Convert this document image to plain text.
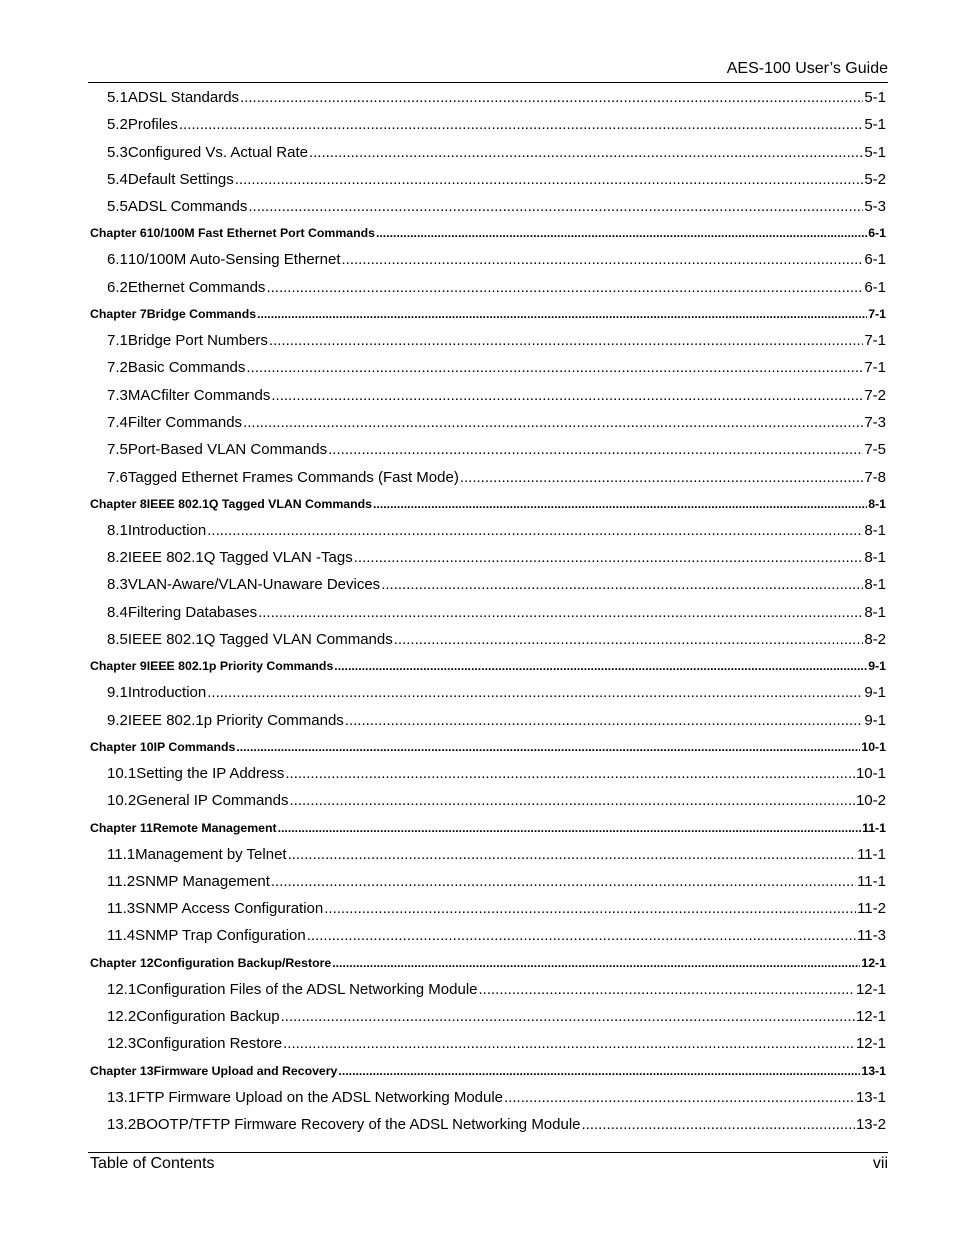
AES-100 User’s Guide
5.1 ADSL Standards .....	5-1
5.2 Profiles .....	5-1
5.3 Configured Vs. Actual Rate .....	5-1
5.4 Default Settings .....	5-2
5.5 ADSL Commands .....	5-3
Chapter 6 10/100M Fast Ethernet Port Commands .....	6-1
6.1 10/100M Auto-Sensing Ethernet .....	6-1
6.2 Ethernet Commands .....	6-1
Chapter 7 Bridge Commands .....	7-1
7.1 Bridge Port Numbers .....	7-1
7.2 Basic Commands .....	7-1
7.3 MACfilter Commands .....	7-2
7.4 Filter Commands .....	7-3
7.5 Port-Based VLAN Commands .....	7-5
7.6 Tagged Ethernet Frames Commands (Fast Mode) .....	7-8
Chapter 8 IEEE 802.1Q Tagged VLAN Commands .....	8-1
8.1 Introduction .....	8-1
8.2 IEEE 802.1Q Tagged VLAN -Tags .....	8-1
8.3 VLAN-Aware/VLAN-Unaware Devices .....	8-1
8.4 Filtering Databases .....	8-1
8.5 IEEE 802.1Q Tagged VLAN Commands .....	8-2
Chapter 9 IEEE 802.1p Priority Commands .....	9-1
9.1 Introduction .....	9-1
9.2 IEEE 802.1p Priority Commands .....	9-1
Chapter 10 IP Commands .....	10-1
10.1 Setting the IP Address .....	10-1
10.2 General IP Commands .....	10-2
Chapter 11 Remote Management .....	11-1
11.1 Management by Telnet .....	11-1
11.2 SNMP Management .....	11-1
11.3 SNMP Access Configuration .....	11-2
11.4 SNMP Trap Configuration .....	11-3
Chapter 12 Configuration Backup/Restore .....	12-1
12.1 Configuration Files of the ADSL Networking Module .....	12-1
12.2 Configuration Backup .....	12-1
12.3 Configuration Restore .....	12-1
Chapter 13 Firmware Upload and Recovery .....	13-1
13.1 FTP Firmware Upload on the ADSL Networking Module .....	13-1
13.2 BOOTP/TFTP Firmware Recovery of the ADSL Networking Module .....	13-2
Table of Contents	vii
